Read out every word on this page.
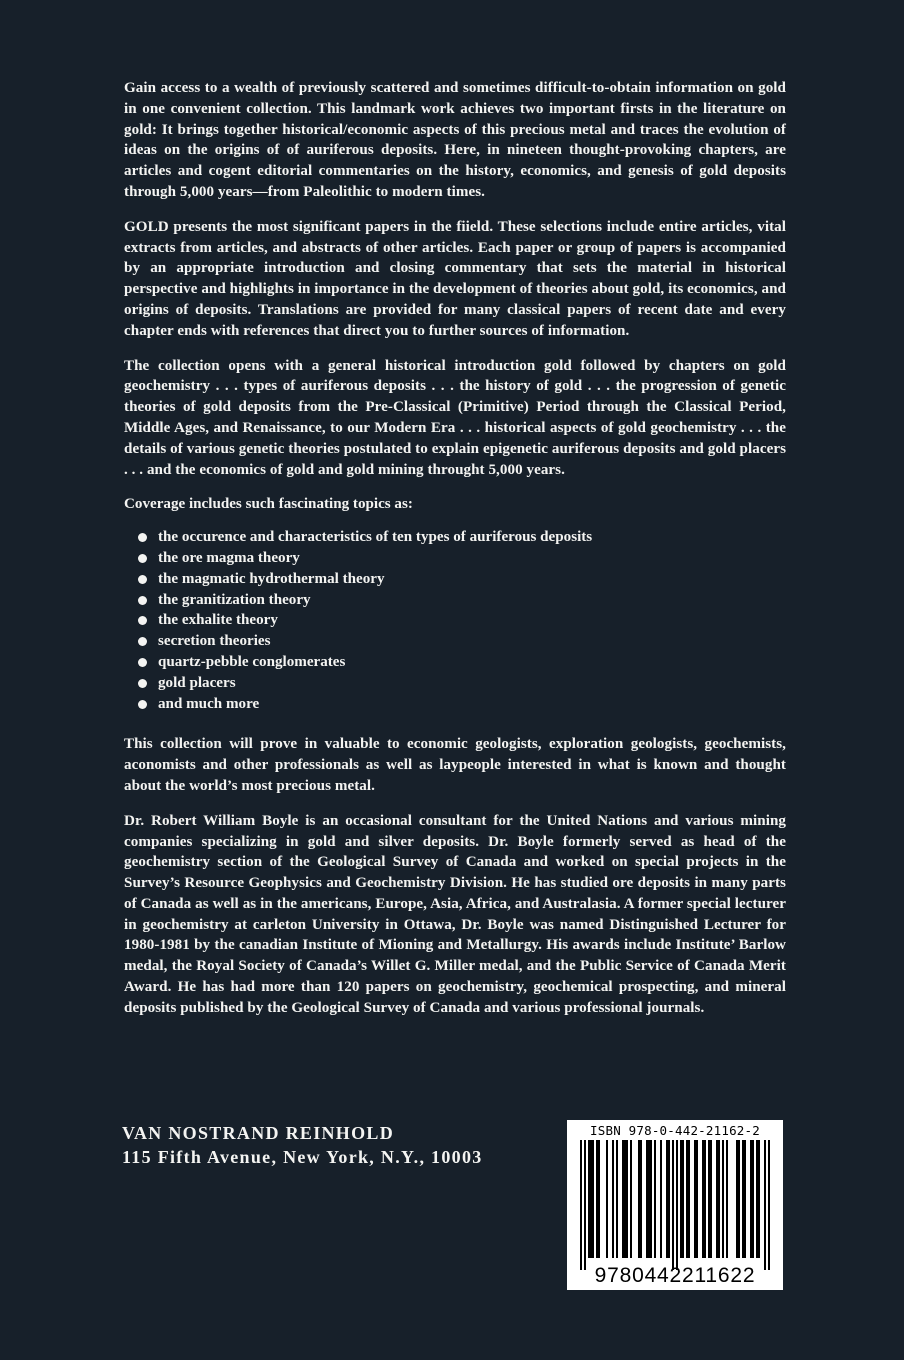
Gain access to a wealth of previously scattered and sometimes difficult-to-obtain information on gold in one convenient collection. This landmark work achieves two important firsts in the literature on gold: It brings together historical/economic aspects of this precious metal and traces the evolution of ideas on the origins of of auriferous deposits. Here, in nineteen thought-provoking chapters, are articles and cogent editorial commentaries on the history, economics, and genesis of gold deposits through 5,000 years—from Paleolithic to modern times.

GOLD presents the most significant papers in the fiield. These selections include entire articles, vital extracts from articles, and abstracts of other articles. Each paper or group of papers is accompanied by an appropriate introduction and closing commentary that sets the material in historical perspective and highlights in importance in the development of theories about gold, its economics, and origins of deposits. Translations are provided for many classical papers of recent date and every chapter ends with references that direct you to further sources of information.

The collection opens with a general historical introduction gold followed by chapters on gold geochemistry . . . types of auriferous deposits . . . the history of gold . . . the progression of genetic theories of gold deposits from the Pre-Classical (Primitive) Period through the Classical Period, Middle Ages, and Renaissance, to our Modern Era . . . historical aspects of gold geochemistry . . . the details of various genetic theories postulated to explain epigenetic auriferous deposits and gold placers . . . and the economics of gold and gold mining throught 5,000 years.

Coverage includes such fascinating topics as:

the occurence and characteristics of ten types of auriferous deposits
the ore magma theory
the magmatic hydrothermal theory
the granitization theory
the exhalite theory
secretion theories
quartz-pebble conglomerates
gold placers
and much more

This collection will prove in valuable to economic geologists, exploration geologists, geochemists, aconomists and other professionals as well as laypeople interested in what is known and thought about the world’s most precious metal.

Dr. Robert William Boyle is an occasional consultant for the United Nations and various mining companies specializing in gold and silver deposits. Dr. Boyle formerly served as head of the geochemistry section of the Geological Survey of Canada and worked on special projects in the Survey’s Resource Geophysics and Geochemistry Division. He has studied ore deposits in many parts of Canada as well as in the americans, Europe, Asia, Africa, and Australasia. A former special lecturer in geochemistry at carleton University in Ottawa, Dr. Boyle was named Distinguished Lecturer for 1980-1981 by the canadian Institute of Mioning and Metallurgy. His awards include Institute’ Barlow medal, the Royal Society of Canada’s Willet G. Miller medal, and the Public Service of Canada Merit Award. He has had more than 120 papers on geochemistry, geochemical prospecting, and mineral deposits published by the Geological Survey of Canada and various professional journals.

VAN NOSTRAND REINHOLD
115 Fifth Avenue, New York, N.Y., 10003
ISBN 978-0-442-21162-2
9780442211622
